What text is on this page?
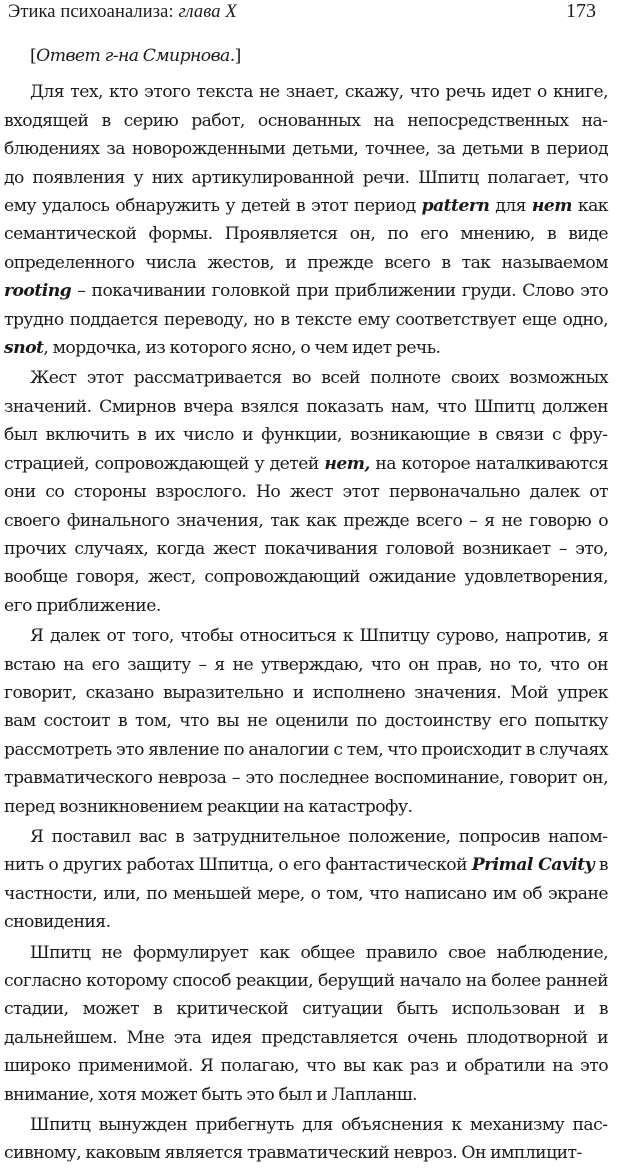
Этика психоанализа: глава X	173

[Ответ г-на Смирнова.]

Для тех, кто этого текста не знает, скажу, что речь идет о книге, входящей в серию работ, основанных на непосредственных наблюдениях за новорожденными детьми, точнее, за детьми в период до появления у них артикулированной речи. Шпитц полагает, что ему удалось обнаружить у детей в этот период pattern для нет как семантической формы. Проявляется он, по его мнению, в виде определенного числа жестов, и прежде всего в так называемом rooting – покачивании головкой при приближении груди. Слово это трудно поддается переводу, но в тексте ему соответствует еще одно, snot, мордочка, из которого ясно, о чем идет речь.

Жест этот рассматривается во всей полноте своих возможных значений. Смирнов вчера взялся показать нам, что Шпитц должен был включить в их число и функции, возникающие в связи с фрустрацией, сопровождающей у детей нет, на которое наталкиваются они со стороны взрослого. Но жест этот первоначально далек от своего финального значения, так как прежде всего – я не говорю о прочих случаях, когда жест покачивания головой возникает – это, вообще говоря, жест, сопровождающий ожидание удовлетворения, его приближение.

Я далек от того, чтобы относиться к Шпитцу сурово, напротив, я встаю на его защиту – я не утверждаю, что он прав, но то, что он говорит, сказано выразительно и исполнено значения. Мой упрек вам состоит в том, что вы не оценили по достоинству его попытку рассмотреть это явление по аналогии с тем, что происходит в случаях травматического невроза – это последнее воспоминание, говорит он, перед возникновением реакции на катастрофу.

Я поставил вас в затруднительное положение, попросив напомнить о других работах Шпитца, о его фантастической Primal Cavity в частности, или, по меньшей мере, о том, что написано им об экране сновидения.

Шпитц не формулирует как общее правило свое наблюдение, согласно которому способ реакции, берущий начало на более ранней стадии, может в критической ситуации быть использован и в дальнейшем. Мне эта идея представляется очень плодотворной и широко применимой. Я полагаю, что вы как раз и обратили на это внимание, хотя может быть это был и Лапланш.

Шпитц вынужден прибегнуть для объяснения к механизму пассивному, каковым является травматический невроз. Он имплицит-
